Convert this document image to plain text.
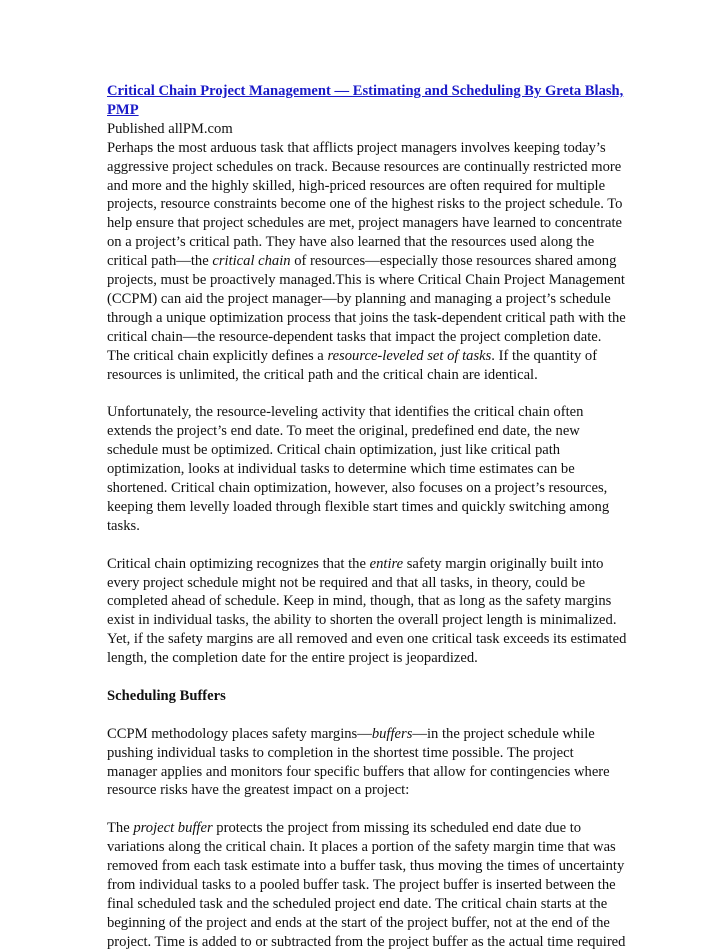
Critical Chain Project Management — Estimating and Scheduling By Greta Blash, PMP
Published allPM.com

Perhaps the most arduous task that afflicts project managers involves keeping today’s aggressive project schedules on track. Because resources are continually restricted more and more and the highly skilled, high-priced resources are often required for multiple projects, resource constraints become one of the highest risks to the project schedule. To help ensure that project schedules are met, project managers have learned to concentrate on a project’s critical path. They have also learned that the resources used along the critical path—the critical chain of resources—especially those resources shared among projects, must be proactively managed.This is where Critical Chain Project Management (CCPM) can aid the project manager—by planning and managing a project’s schedule through a unique optimization process that joins the task-dependent critical path with the critical chain—the resource-dependent tasks that impact the project completion date. The critical chain explicitly defines a resource-leveled set of tasks. If the quantity of resources is unlimited, the critical path and the critical chain are identical.

Unfortunately, the resource-leveling activity that identifies the critical chain often extends the project’s end date. To meet the original, predefined end date, the new schedule must be optimized. Critical chain optimization, just like critical path optimization, looks at individual tasks to determine which time estimates can be shortened. Critical chain optimization, however, also focuses on a project’s resources, keeping them levelly loaded through flexible start times and quickly switching among tasks.

Critical chain optimizing recognizes that the entire safety margin originally built into every project schedule might not be required and that all tasks, in theory, could be completed ahead of schedule. Keep in mind, though, that as long as the safety margins exist in individual tasks, the ability to shorten the overall project length is minimalized. Yet, if the safety margins are all removed and even one critical task exceeds its estimated length, the completion date for the entire project is jeopardized.

Scheduling Buffers

CCPM methodology places safety margins—buffers—in the project schedule while pushing individual tasks to completion in the shortest time possible. The project manager applies and monitors four specific buffers that allow for contingencies where resource risks have the greatest impact on a project:

The project buffer protects the project from missing its scheduled end date due to variations along the critical chain. It places a portion of the safety margin time that was removed from each task estimate into a buffer task, thus moving the times of uncertainty from individual tasks to a pooled buffer task. The project buffer is inserted between the final scheduled task and the scheduled project end date. The critical chain starts at the beginning of the project and ends at the start of the project buffer, not at the end of the project. Time is added to or subtracted from the project buffer as the actual time required
